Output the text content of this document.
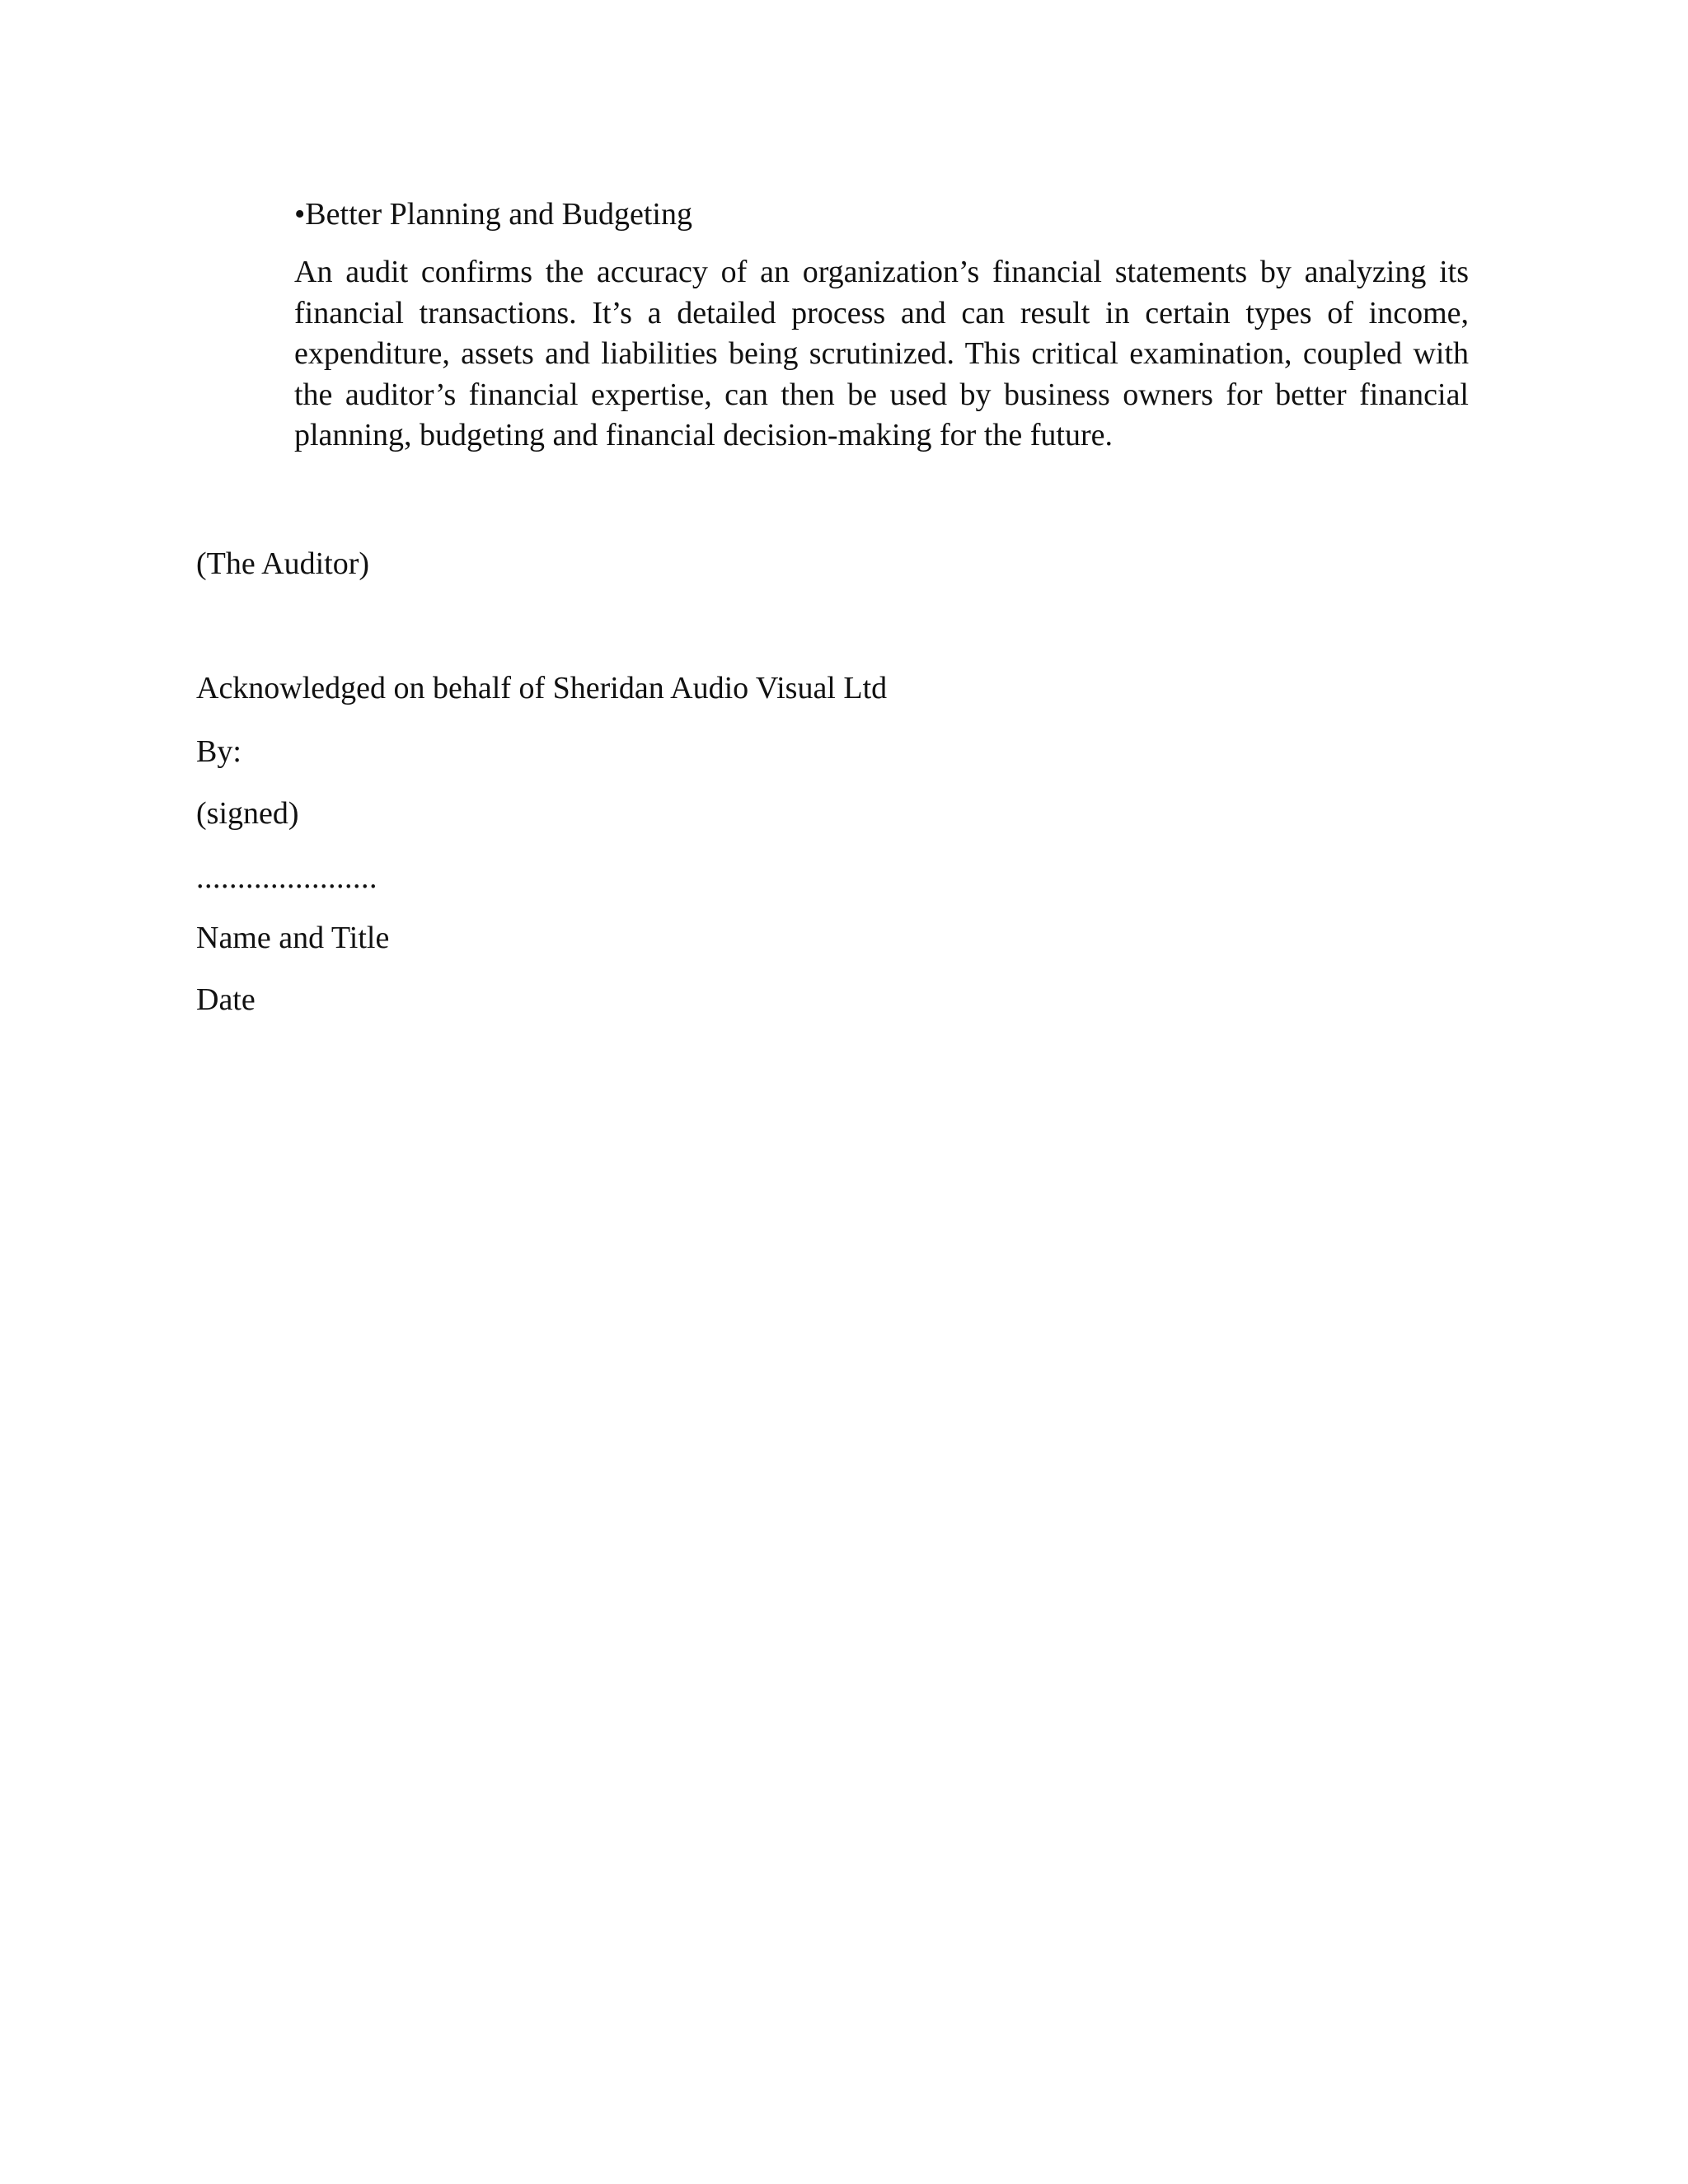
•Better Planning and Budgeting

An audit confirms the accuracy of an organization’s financial statements by analyzing its financial transactions. It’s a detailed process and can result in certain types of income, expenditure, assets and liabilities being scrutinized. This critical examination, coupled with the auditor’s financial expertise, can then be used by business owners for better financial planning, budgeting and financial decision-making for the future.

(The Auditor)
Acknowledged on behalf of Sheridan Audio Visual Ltd
By:
(signed)
......................
Name and Title
Date
